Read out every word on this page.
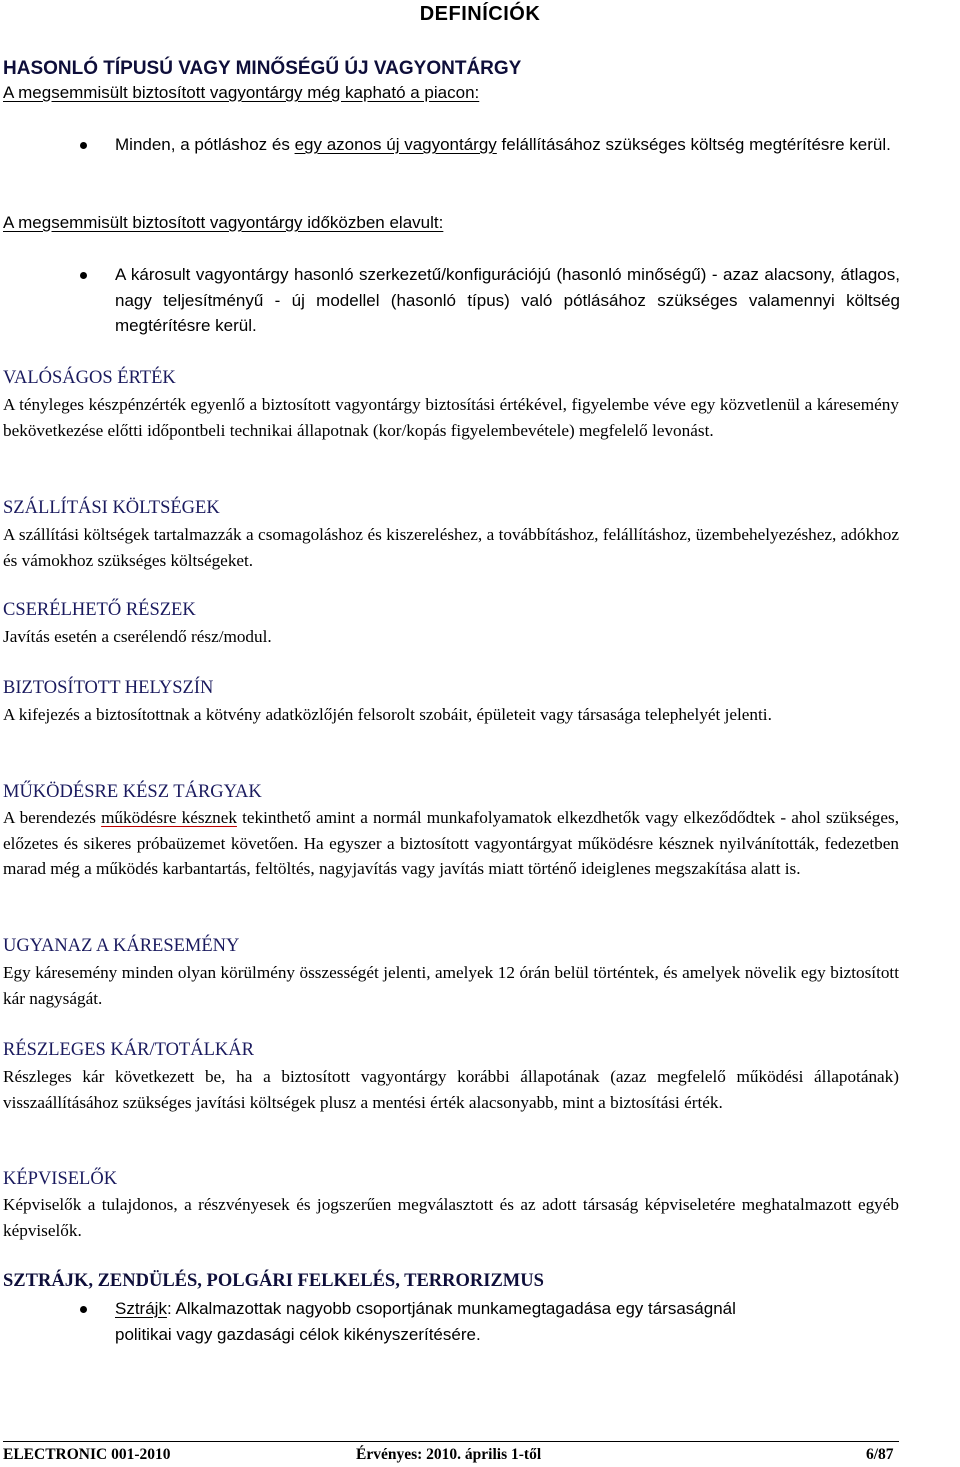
DEFINÍCIÓK
HASONLÓ TÍPUSÚ VAGY MINŐSÉGŰ ÚJ VAGYONTÁRGY
A megsemmisült biztosított vagyontárgy még kapható a piacon:
Minden, a pótláshoz és egy azonos új vagyontárgy felállításához szükséges költség megtérítésre kerül.
A megsemmisült biztosított vagyontárgy időközben elavult:
A károsult vagyontárgy hasonló szerkezetű/konfigurációjú (hasonló minőségű) - azaz alacsony, átlagos, nagy teljesítményű - új modellel (hasonló típus) való pótlásához szükséges valamennyi költség megtérítésre kerül.
VALÓSÁGOS ÉRTÉK
A tényleges készpénzérték egyenlő a biztosított vagyontárgy biztosítási értékével, figyelembe véve egy közvetlenül a káresemény bekövetkezése előtti időpontbeli technikai állapotnak (kor/kopás figyelembevétele) megfelelő levonást.
SZÁLLÍTÁSI KÖLTSÉGEK
A szállítási költségek tartalmazzák a csomagoláshoz és kiszereléshez, a továbbításhoz, felállításhoz, üzembehelyezéshez, adókhoz és vámokhoz szükséges költségeket.
CSERÉLHETŐ RÉSZEK
Javítás esetén a cserélendő rész/modul.
BIZTOSÍTOTT HELYSZÍN
A kifejezés a biztosítottnak a kötvény adatközlőjén felsorolt szobáit, épületeit vagy társasága telephelyét jelenti.
MŰKÖDÉSRE KÉSZ TÁRGYAK
A berendezés működésre késznek tekinthető amint a normál munkafolyamatok elkezdhetők vagy elkeződődtek - ahol szükséges, előzetes és sikeres próbaüzemet követően. Ha egyszer a biztosított vagyontárgyat működésre késznek nyilvánították, fedezetben marad még a működés karbantartás, feltöltés, nagyjavítás vagy javítás miatt történő ideiglenes megszakítása alatt is.
UGYANAZ A KÁRESEMÉNY
Egy káresemény minden olyan körülmény összességét jelenti, amelyek 12 órán belül történtek, és amelyek növelik egy biztosított kár nagyságát.
RÉSZLEGES KÁR/TOTÁLKÁR
Részleges kár következett be, ha a biztosított vagyontárgy korábbi állapotának (azaz megfelelő működési állapotának) visszaállításához szükséges javítási költségek plusz a mentési érték alacsonyabb, mint a biztosítási érték.
KÉPVISELŐK
Képviselők a tulajdonos, a részvényesek és jogszerűen megválasztott és az adott társaság képviseletére meghatalmazott egyéb képviselők.
SZTRÁJK, ZENDÜLÉS, POLGÁRI FELKELÉS, TERRORIZMUS
Sztrájk: Alkalmazottak nagyobb csoportjának munkamegtagadása egy társaságnál
politikai vagy gazdasági célok kikényszerítésére.
ELECTRONIC 001-2010	Érvényes: 2010. április 1-től	6/87
